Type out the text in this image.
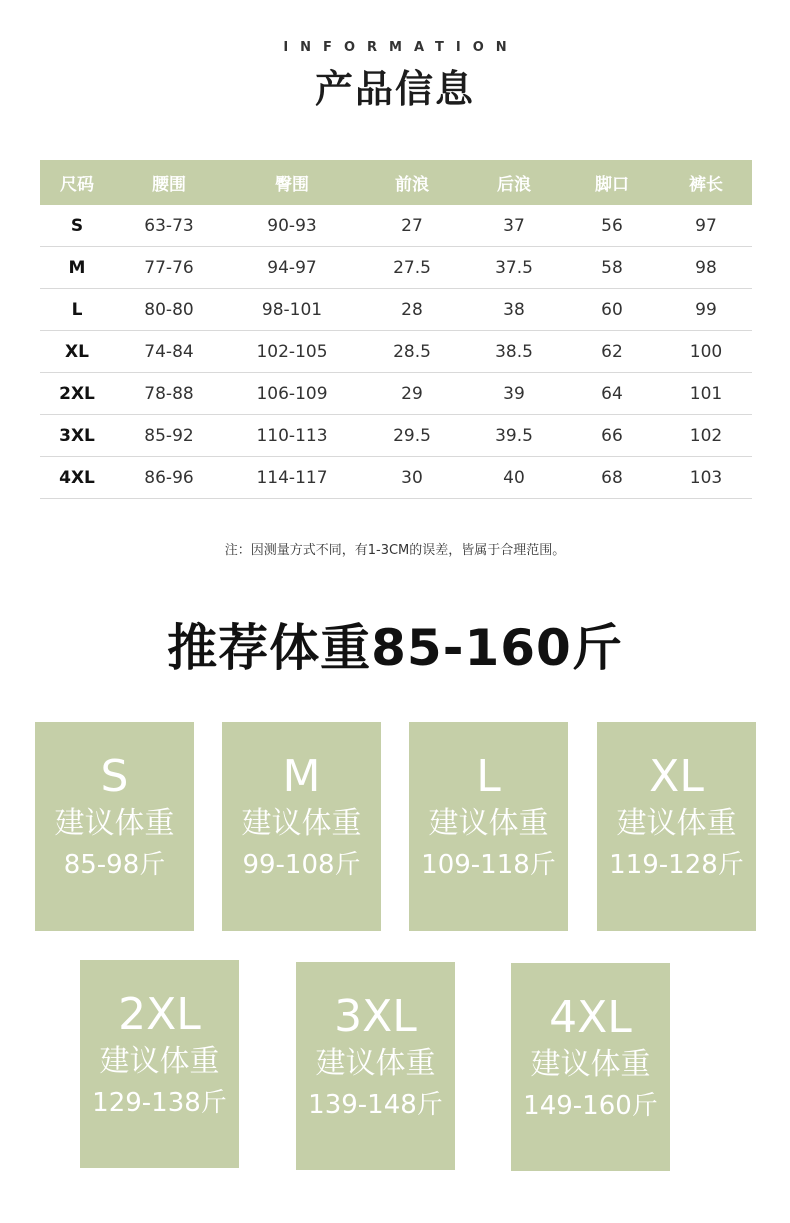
INFORMATION
产品信息
尺码	腰围	臀围	前浪	后浪	脚口	裤长
S	63-73	90-93	27	37	56	97
M	77-76	94-97	27.5	37.5	58	98
L	80-80	98-101	28	38	60	99
XL	74-84	102-105	28.5	38.5	62	100
2XL	78-88	106-109	29	39	64	101
3XL	85-92	110-113	29.5	39.5	66	102
4XL	86-96	114-117	30	40	68	103
注：因测量方式不同，有1-3CM的误差，皆属于合理范围。
推荐体重85-160斤
S
建议体重
85-98斤
M
建议体重
99-108斤
L
建议体重
109-118斤
XL
建议体重
119-128斤
2XL
建议体重
129-138斤
3XL
建议体重
139-148斤
4XL
建议体重
149-160斤
